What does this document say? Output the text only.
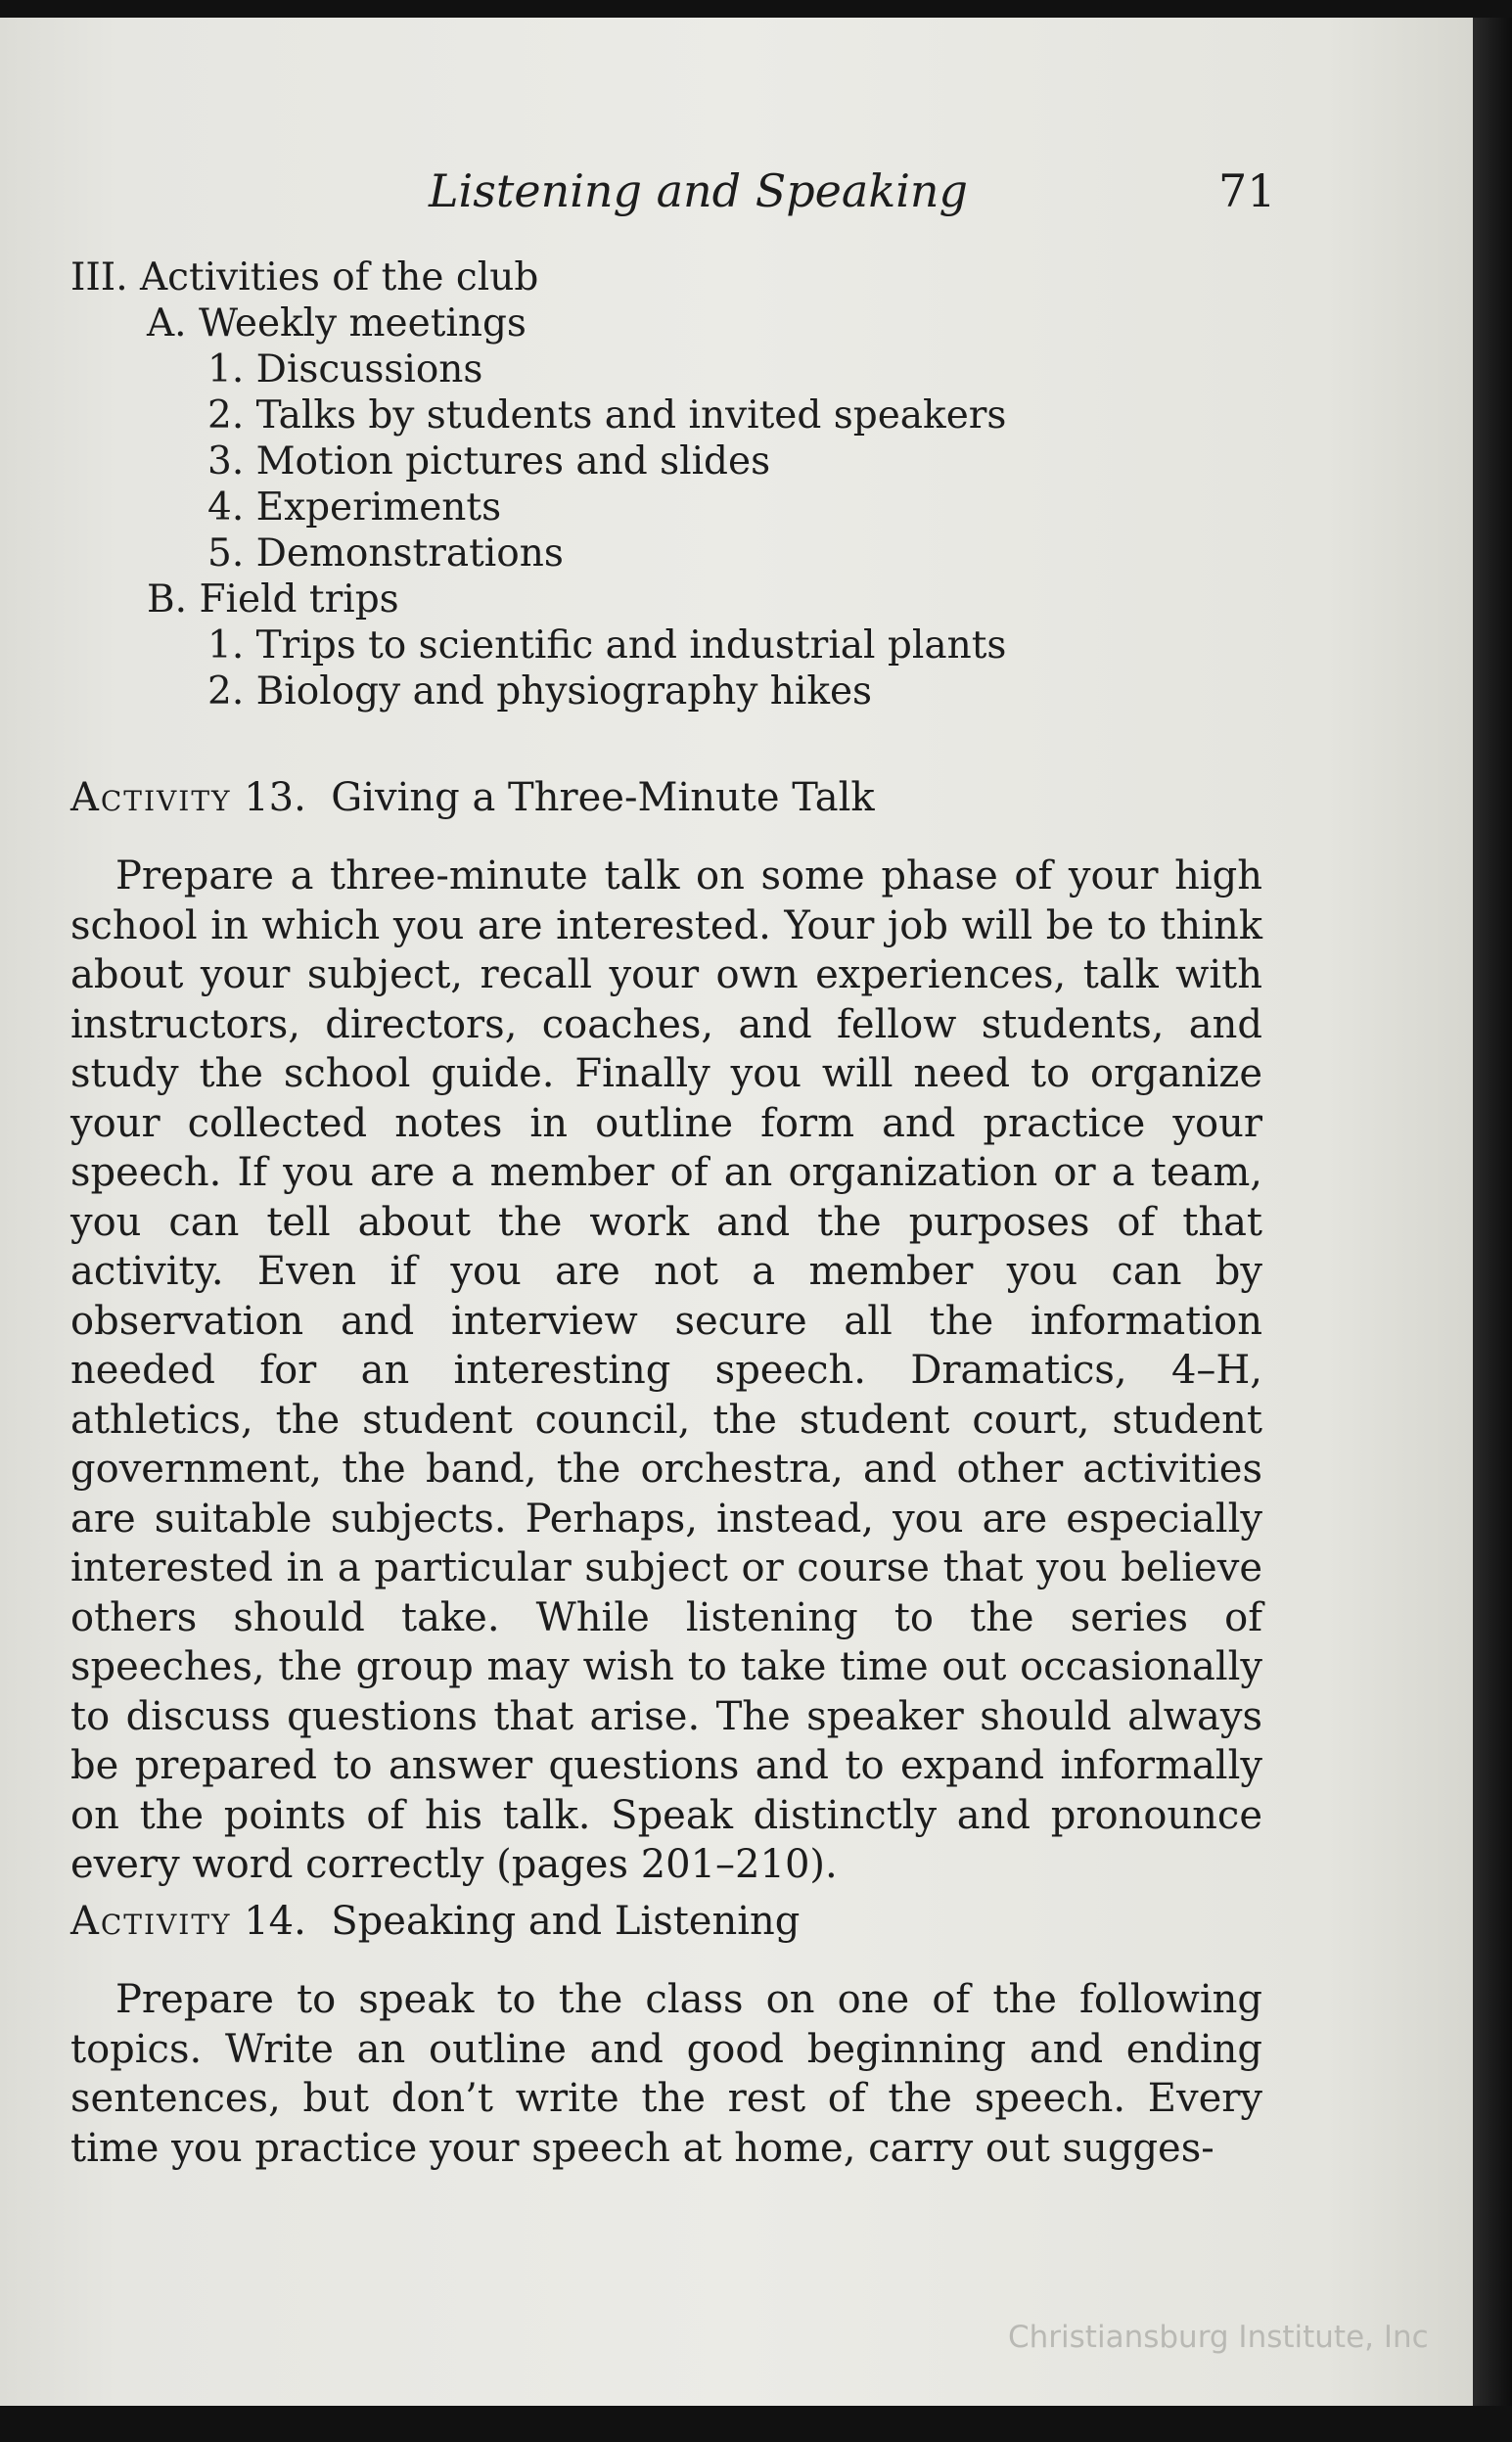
Listening and Speaking	71
III. Activities of the club
A. Weekly meetings
1. Discussions
2. Talks by students and invited speakers
3. Motion pictures and slides
4. Experiments
5. Demonstrations
B. Field trips
1. Trips to scientific and industrial plants
2. Biology and physiography hikes
Activity 13.  Giving a Three-Minute Talk
Prepare a three-minute talk on some phase of your high school in which you are interested. Your job will be to think about your subject, recall your own experiences, talk with instructors, directors, coaches, and fellow students, and study the school guide. Finally you will need to organize your collected notes in outline form and practice your speech. If you are a member of an organization or a team, you can tell about the work and the purposes of that activity. Even if you are not a member you can by observation and interview secure all the information needed for an interesting speech. Dramatics, 4–H, athletics, the student council, the student court, student government, the band, the orchestra, and other activities are suitable subjects. Perhaps, instead, you are especially interested in a particular subject or course that you believe others should take. While listening to the series of speeches, the group may wish to take time out occasionally to discuss questions that arise. The speaker should always be prepared to answer questions and to expand informally on the points of his talk. Speak distinctly and pronounce every word correctly (pages 201–210).
Activity 14.  Speaking and Listening
Prepare to speak to the class on one of the following topics. Write an outline and good beginning and ending sentences, but don’t write the rest of the speech. Every time you practice your speech at home, carry out sugges-
Christiansburg Institute, Inc
